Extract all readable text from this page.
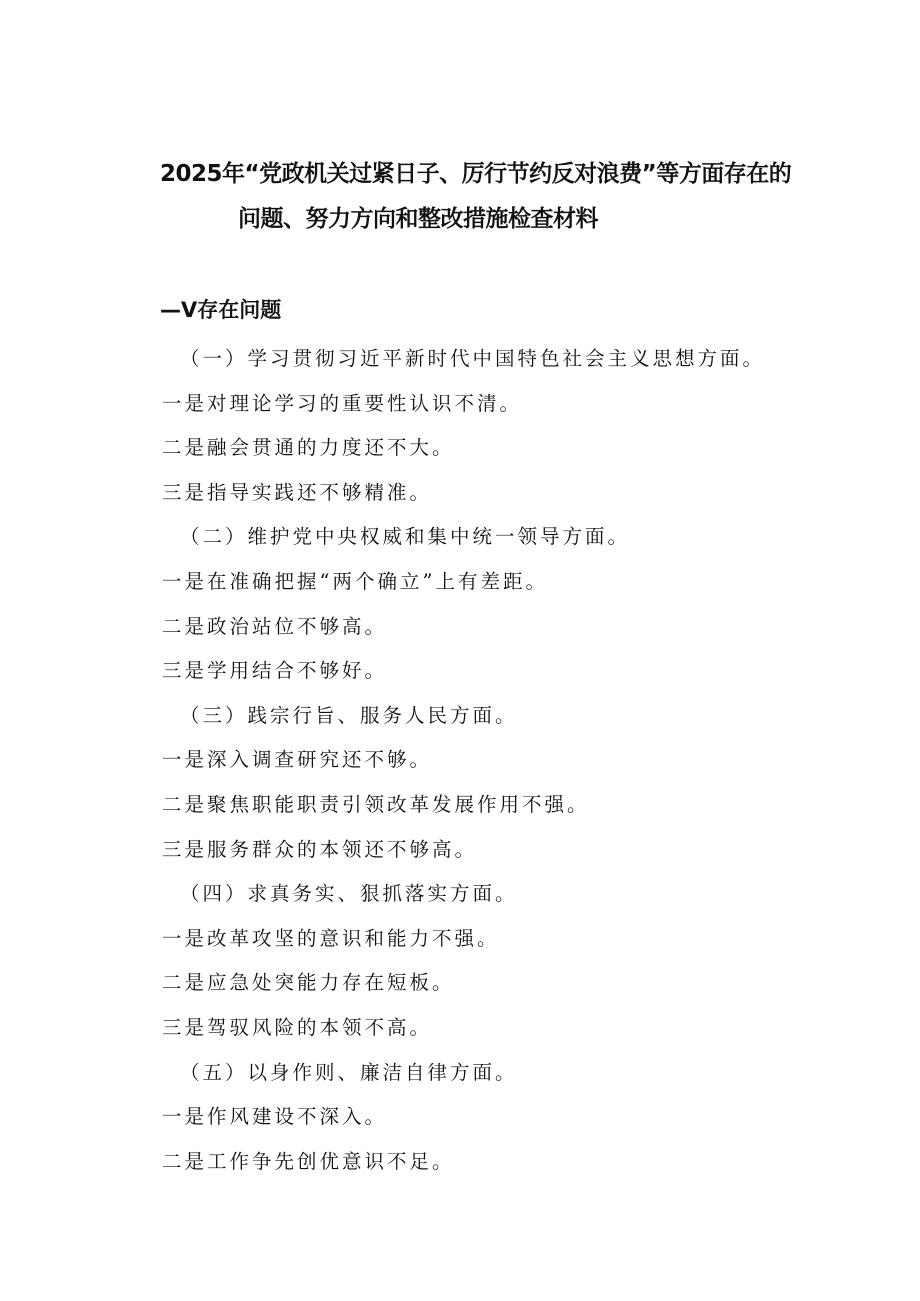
2025年“党政机关过紧日子、厉行节约反对浪费”等方面存在的
问题、努力方向和整改措施检查材料
—V存在问题

（一）学习贯彻习近平新时代中国特色社会主义思想方面。

一是对理论学习的重要性认识不清。

二是融会贯通的力度还不大。

三是指导实践还不够精准。

（二）维护党中央权威和集中统一领导方面。

一是在准确把握“两个确立”上有差距。

二是政治站位不够高。

三是学用结合不够好。

（三）践宗行旨、服务人民方面。

一是深入调查研究还不够。

二是聚焦职能职责引领改革发展作用不强。

三是服务群众的本领还不够高。

（四）求真务实、狠抓落实方面。

一是改革攻坚的意识和能力不强。

二是应急处突能力存在短板。

三是驾驭风险的本领不高。

（五）以身作则、廉洁自律方面。

一是作风建设不深入。

二是工作争先创优意识不足。
